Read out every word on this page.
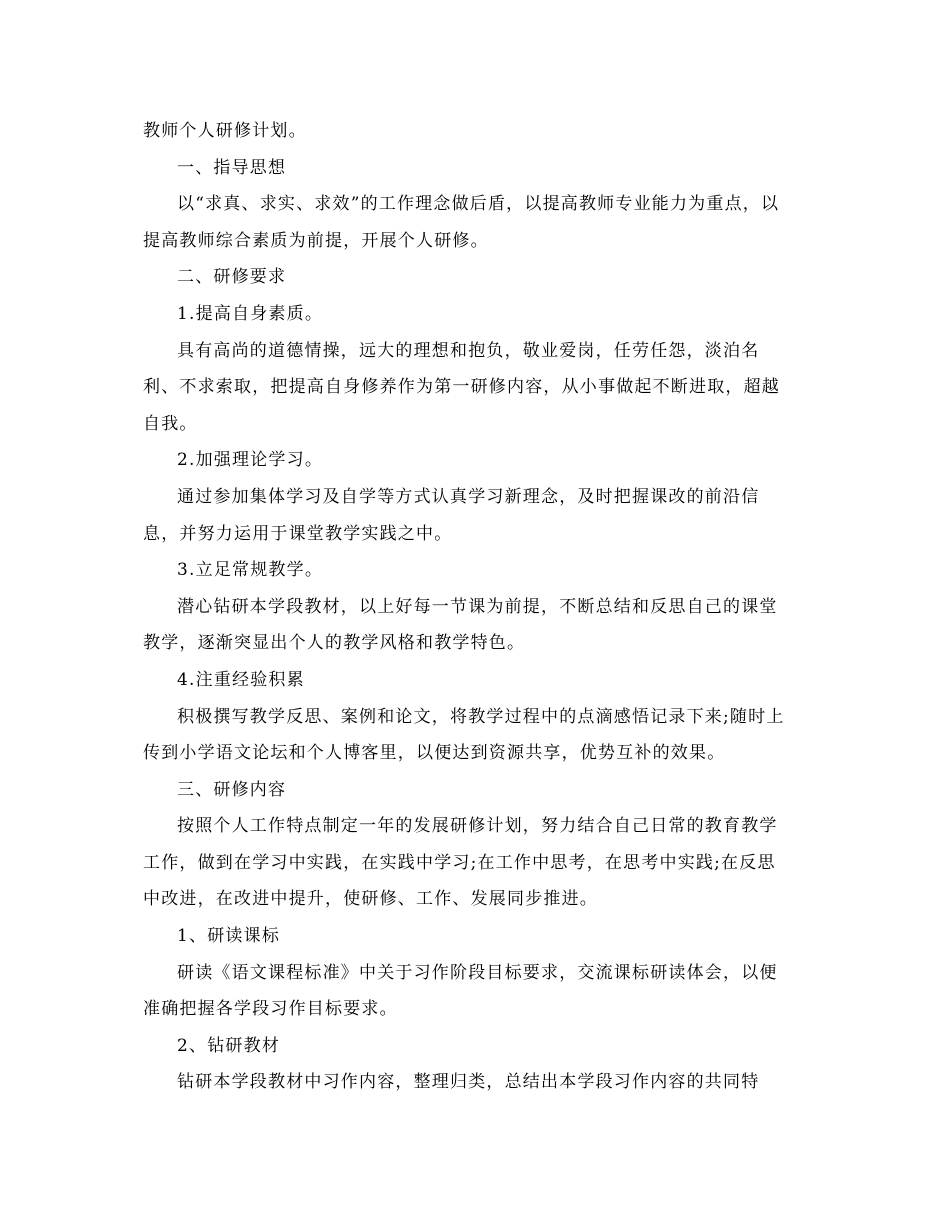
教师个人研修计划。
一、指导思想
以“求真、求实、求效”的工作理念做后盾，以提高教师专业能力为重点，以
提高教师综合素质为前提，开展个人研修。
二、研修要求
1.提高自身素质。
具有高尚的道德情操，远大的理想和抱负，敬业爱岗，任劳任怨，淡泊名
利、不求索取，把提高自身修养作为第一研修内容，从小事做起不断进取，超越
自我。
2.加强理论学习。
通过参加集体学习及自学等方式认真学习新理念，及时把握课改的前沿信
息，并努力运用于课堂教学实践之中。
3.立足常规教学。
潜心钻研本学段教材，以上好每一节课为前提，不断总结和反思自己的课堂
教学，逐渐突显出个人的教学风格和教学特色。
4.注重经验积累
积极撰写教学反思、案例和论文，将教学过程中的点滴感悟记录下来;随时上
传到小学语文论坛和个人博客里，以便达到资源共享，优势互补的效果。
三、研修内容
按照个人工作特点制定一年的发展研修计划，努力结合自己日常的教育教学
工作，做到在学习中实践，在实践中学习;在工作中思考，在思考中实践;在反思
中改进，在改进中提升，使研修、工作、发展同步推进。
1、研读课标
研读《语文课程标准》中关于习作阶段目标要求，交流课标研读体会，以便
准确把握各学段习作目标要求。
2、钻研教材
钻研本学段教材中习作内容，整理归类，总结出本学段习作内容的共同特
